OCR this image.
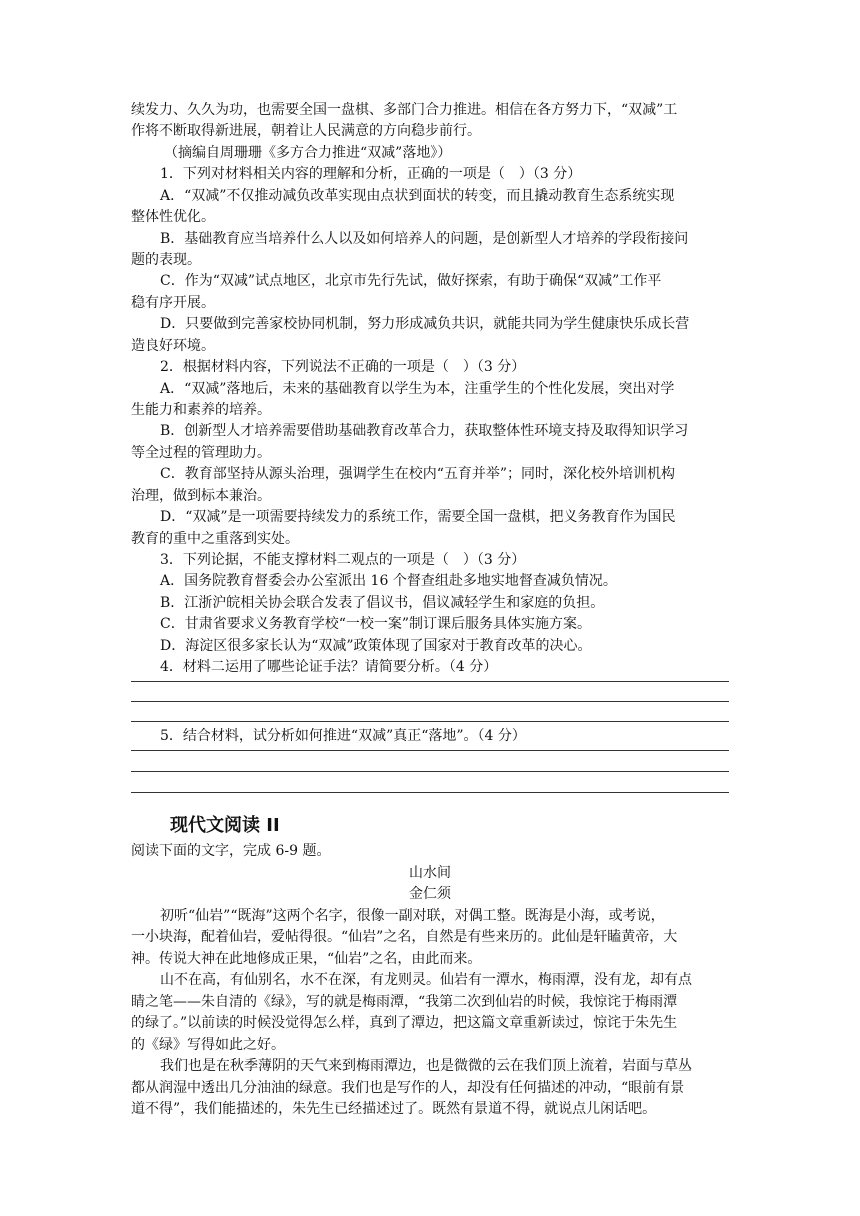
续发力、久久为功，也需要全国一盘棋、多部门合力推进。相信在各方努力下，“双减”工
作将不断取得新进展，朝着让人民满意的方向稳步前行。
（摘编自周珊珊《多方合力推进“双减”落地》）
1．下列对材料相关内容的理解和分析，正确的一项是（　）（3 分）
A．“双减”不仅推动减负改革实现由点状到面状的转变，而且撬动教育生态系统实现
整体性优化。
B．基础教育应当培养什么人以及如何培养人的问题，是创新型人才培养的学段衔接问
题的表现。
C．作为“双减”试点地区，北京市先行先试，做好探索，有助于确保“双减”工作平
稳有序开展。
D．只要做到完善家校协同机制，努力形成减负共识，就能共同为学生健康快乐成长营
造良好环境。
2．根据材料内容，下列说法不正确的一项是（　）（3 分）
A．“双减”落地后，未来的基础教育以学生为本，注重学生的个性化发展，突出对学
生能力和素养的培养。
B．创新型人才培养需要借助基础教育改革合力，获取整体性环境支持及取得知识学习
等全过程的管理助力。
C．教育部坚持从源头治理，强调学生在校内“五育并举”；同时，深化校外培训机构
治理，做到标本兼治。
D．“双减”是一项需要持续发力的系统工作，需要全国一盘棋，把义务教育作为国民
教育的重中之重落到实处。
3．下列论据，不能支撑材料二观点的一项是（　）（3 分）
A．国务院教育督委会办公室派出 16 个督查组赴多地实地督查减负情况。
B．江浙沪皖相关协会联合发表了倡议书，倡议减轻学生和家庭的负担。
C．甘肃省要求义务教育学校“一校一案”制订课后服务具体实施方案。
D．海淀区很多家长认为“双减”政策体现了国家对于教育改革的决心。
4．材料二运用了哪些论证手法？请简要分析。（4 分）
5．结合材料，试分析如何推进“双减”真正“落地”。（4 分）
现代文阅读 II
阅读下面的文字，完成 6-9 题。
山水间
金仁须
初听“仙岩”“既海”这两个名字，很像一副对联，对偶工整。既海是小海，或考说，
一小块海，配着仙岩，爱帖得很。“仙岩”之名，自然是有些来历的。此仙是轩瞌黄帝，大
神。传说大神在此地修成正果，“仙岩”之名，由此而来。
山不在高，有仙别名，水不在深，有龙则灵。仙岩有一潭水，梅雨潭，没有龙，却有点
睛之笔——朱自清的《绿》，写的就是梅雨潭，“我第二次到仙岩的时候，我惊诧于梅雨潭
的绿了。”以前读的时候没觉得怎么样，真到了潭边，把这篇文章重新读过，惊诧于朱先生
的《绿》写得如此之好。
我们也是在秋季薄阴的天气来到梅雨潭边，也是微微的云在我们顶上流着，岩面与草丛
都从润湿中透出几分油油的绿意。我们也是写作的人，却没有任何描述的冲动，“眼前有景
道不得”，我们能描述的，朱先生已经描述过了。既然有景道不得，就说点儿闲话吧。
